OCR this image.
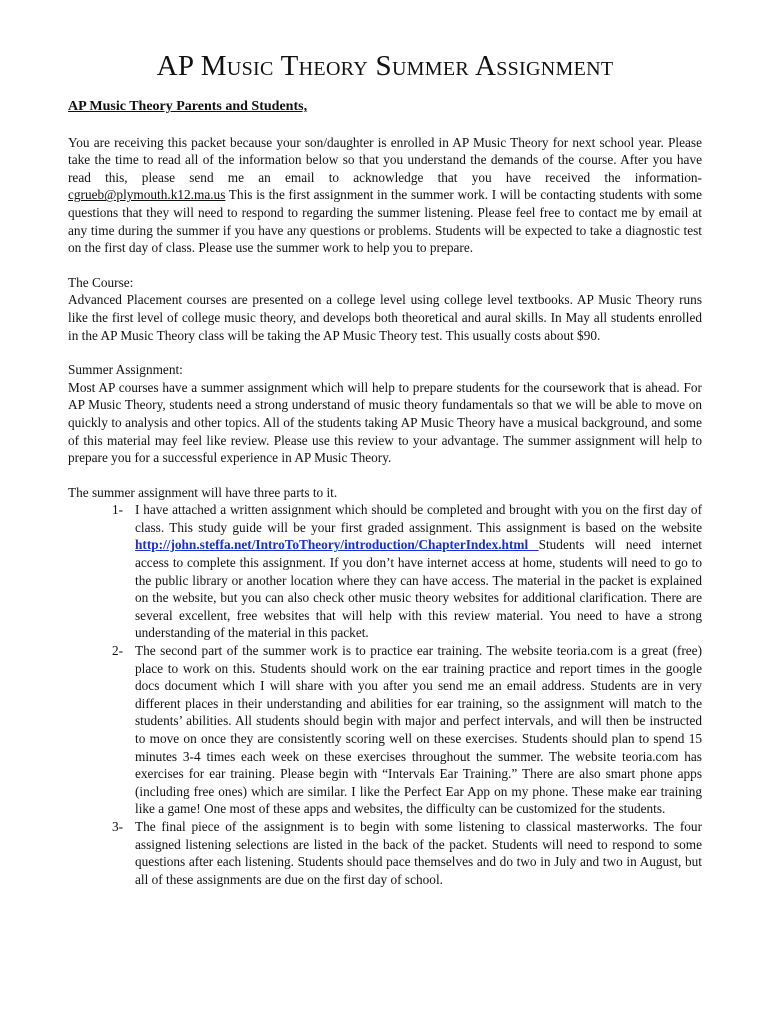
AP Music Theory Summer Assignment
AP Music Theory Parents and Students,

You are receiving this packet because your son/daughter is enrolled in AP Music Theory for next school year. Please take the time to read all of the information below so that you understand the demands of the course. After you have read this, please send me an email to acknowledge that you have received the information-cgrueb@plymouth.k12.ma.us This is the first assignment in the summer work. I will be contacting students with some questions that they will need to respond to regarding the summer listening. Please feel free to contact me by email at any time during the summer if you have any questions or problems. Students will be expected to take a diagnostic test on the first day of class. Please use the summer work to help you to prepare.

The Course:

Advanced Placement courses are presented on a college level using college level textbooks. AP Music Theory runs like the first level of college music theory, and develops both theoretical and aural skills. In May all students enrolled in the AP Music Theory class will be taking the AP Music Theory test. This usually costs about $90.

Summer Assignment:

Most AP courses have a summer assignment which will help to prepare students for the coursework that is ahead. For AP Music Theory, students need a strong understand of music theory fundamentals so that we will be able to move on quickly to analysis and other topics. All of the students taking AP Music Theory have a musical background, and some of this material may feel like review. Please use this review to your advantage. The summer assignment will help to prepare you for a successful experience in AP Music Theory.

The summer assignment will have three parts to it.

1- I have attached a written assignment which should be completed and brought with you on the first day of class. This study guide will be your first graded assignment. This assignment is based on the website http://john.steffa.net/IntroToTheory/introduction/ChapterIndex.html Students will need internet access to complete this assignment. If you don’t have internet access at home, students will need to go to the public library or another location where they can have access. The material in the packet is explained on the website, but you can also check other music theory websites for additional clarification. There are several excellent, free websites that will help with this review material. You need to have a strong understanding of the material in this packet.
2- The second part of the summer work is to practice ear training. The website teoria.com is a great (free) place to work on this. Students should work on the ear training practice and report times in the google docs document which I will share with you after you send me an email address. Students are in very different places in their understanding and abilities for ear training, so the assignment will match to the students’ abilities. All students should begin with major and perfect intervals, and will then be instructed to move on once they are consistently scoring well on these exercises. Students should plan to spend 15 minutes 3-4 times each week on these exercises throughout the summer. The website teoria.com has exercises for ear training. Please begin with “Intervals Ear Training.” There are also smart phone apps (including free ones) which are similar. I like the Perfect Ear App on my phone. These make ear training like a game! One most of these apps and websites, the difficulty can be customized for the students.
3- The final piece of the assignment is to begin with some listening to classical masterworks. The four assigned listening selections are listed in the back of the packet. Students will need to respond to some questions after each listening. Students should pace themselves and do two in July and two in August, but all of these assignments are due on the first day of school.
